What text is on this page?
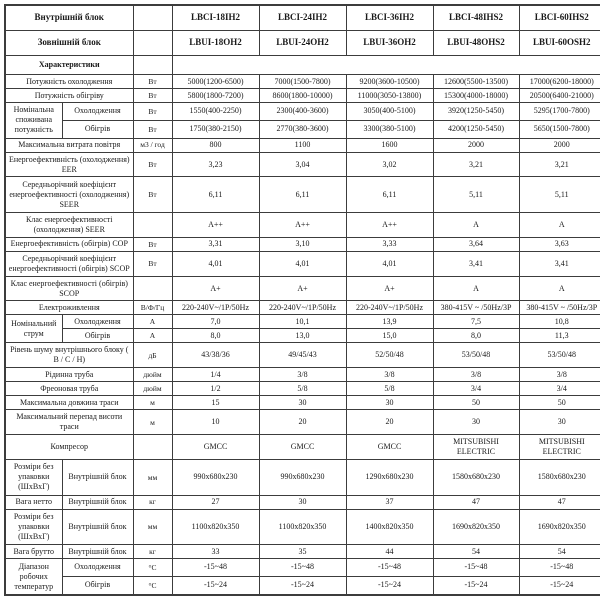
Внутрішній блок			LBCI-18IH2	LBCI-24IH2	LBCI-36IH2	LBCI-48IHS2	LBCI-60IHS2
Зовнішній блок			LBUI-18OH2	LBUI-24OH2	LBUI-36OH2	LBUI-48OHS2	LBUI-60OSH2
Характеристики							
Потужність охолодження		Вт	5000(1200-6500)	7000(1500-7800)	9200(3600-10500)	12600(5500-13500)	17000(6200-18000)
Потужність обігріву		Вт	5800(1800-7200)	8600(1800-10000)	11000(3050-13800)	15300(4000-18000)	20500(6400-21000)
Номінальна споживана потужність	Охолодження	Вт	1550(400-2250)	2300(400-3600)	3050(400-5100)	3920(1250-5450)	5295(1700-7800)
	Обігрів	Вт	1750(380-2150)	2770(380-3600)	3300(380-5100)	4200(1250-5450)	5650(1500-7800)
Максимальна витрата повітря		м3 / год	800	1100	1600	2000	2000
Енергоефективність (охолодження) EER		Вт	3,23	3,04	3,02	3,21	3,21
Середньорічний коефіцієнт енергоефективності (охолодження) SEER		Вт	6,11	6,11	6,11	5,11	5,11
Клас енергоефективності (охолодження) SEER			A++	A++	A++	A	A
Енергоефективність (обігрів) COP		Вт	3,31	3,10	3,33	3,64	3,63
Середньорічний коефіцієнт енергоефективності (обігрів) SCOP		Вт	4,01	4,01	4,01	3,41	3,41
Клас енергоефективності (обігрів) SCOP			A+	A+	A+	A	A
Електроживлення		В/Ф/Гц	220-240V~/1P/50Hz	220-240V~/1P/50Hz	220-240V~/1P/50Hz	380-415V ~ /50Hz/3P	380-415V ~ /50Hz/3P
Номінальний струм	Охолодження	А	7,0	10,1	13,9	7,5	10,8
	Обігрів	А	8,0	13,0	15,0	8,0	11,3
Рівень шуму внутрішнього блоку ( В / С / Н)		дБ	43/38/36	49/45/43	52/50/48	53/50/48	53/50/48
Рідинна труба		дюйм	1/4	3/8	3/8	3/8	3/8
Фреоновая труба		дюйм	1/2	5/8	5/8	3/4	3/4
Максимальна довжина траси		м	15	30	30	50	50
Максимальний перепад висоти траси		м	10	20	20	30	30
Компресор			GMCC	GMCC	GMCC	MITSUBISHI ELECTRIC	MITSUBISHI ELECTRIC
Розміри без упаковки (ШхВхГ)	Внутрішній блок	мм	990x680x230	990x680x230	1290x680x230	1580x680x230	1580x680x230
Вага нетто	Внутрішній блок	кг	27	30	37	47	47
Розміри без упаковки (ШхВхГ)	Внутрішній блок	мм	1100x820x350	1100x820x350	1400x820x350	1690x820x350	1690x820x350
Вага брутто	Внутрішній блок	кг	33	35	44	54	54
Діапазон робочих температур	Охолодження	°C	-15~48	-15~48	-15~48	-15~48	-15~48
	Обігрів	°C	-15~24	-15~24	-15~24	-15~24	-15~24
